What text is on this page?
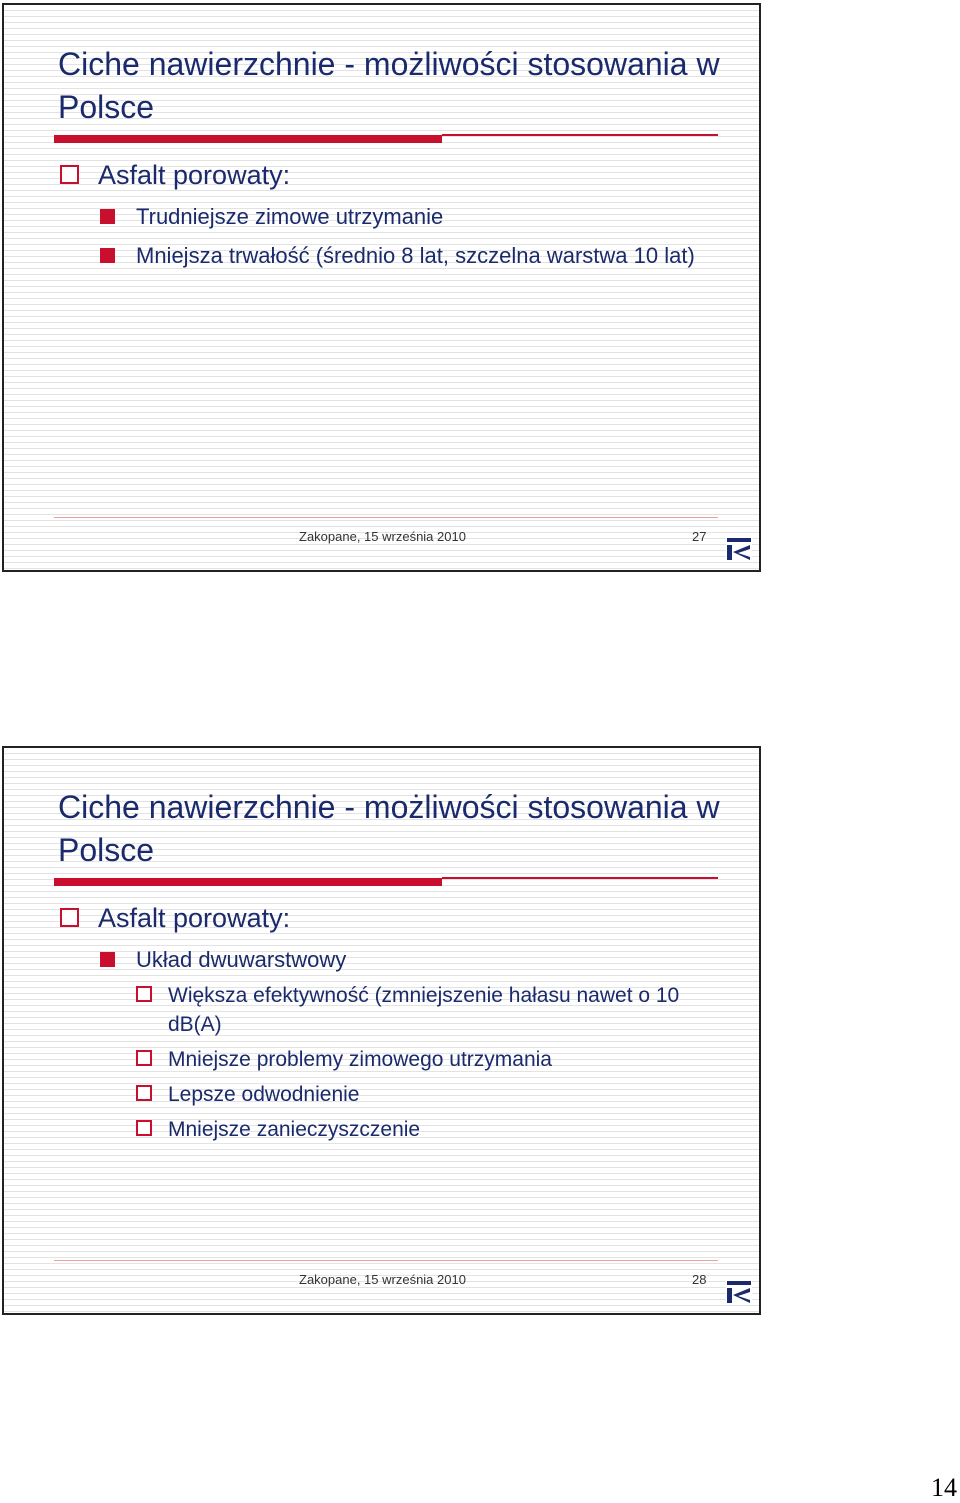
Ciche nawierzchnie - możliwości stosowania w Polsce
Asfalt porowaty:
Trudniejsze zimowe utrzymanie
Mniejsza trwałość (średnio 8 lat, szczelna warstwa 10 lat)
Zakopane, 15 września 2010	27
Ciche nawierzchnie - możliwości stosowania w Polsce
Asfalt porowaty:
Układ dwuwarstwowy
Większa efektywność (zmniejszenie hałasu nawet o 10 dB(A)
Mniejsze problemy zimowego utrzymania
Lepsze odwodnienie
Mniejsze zanieczyszczenie
Zakopane, 15 września 2010	28
14
